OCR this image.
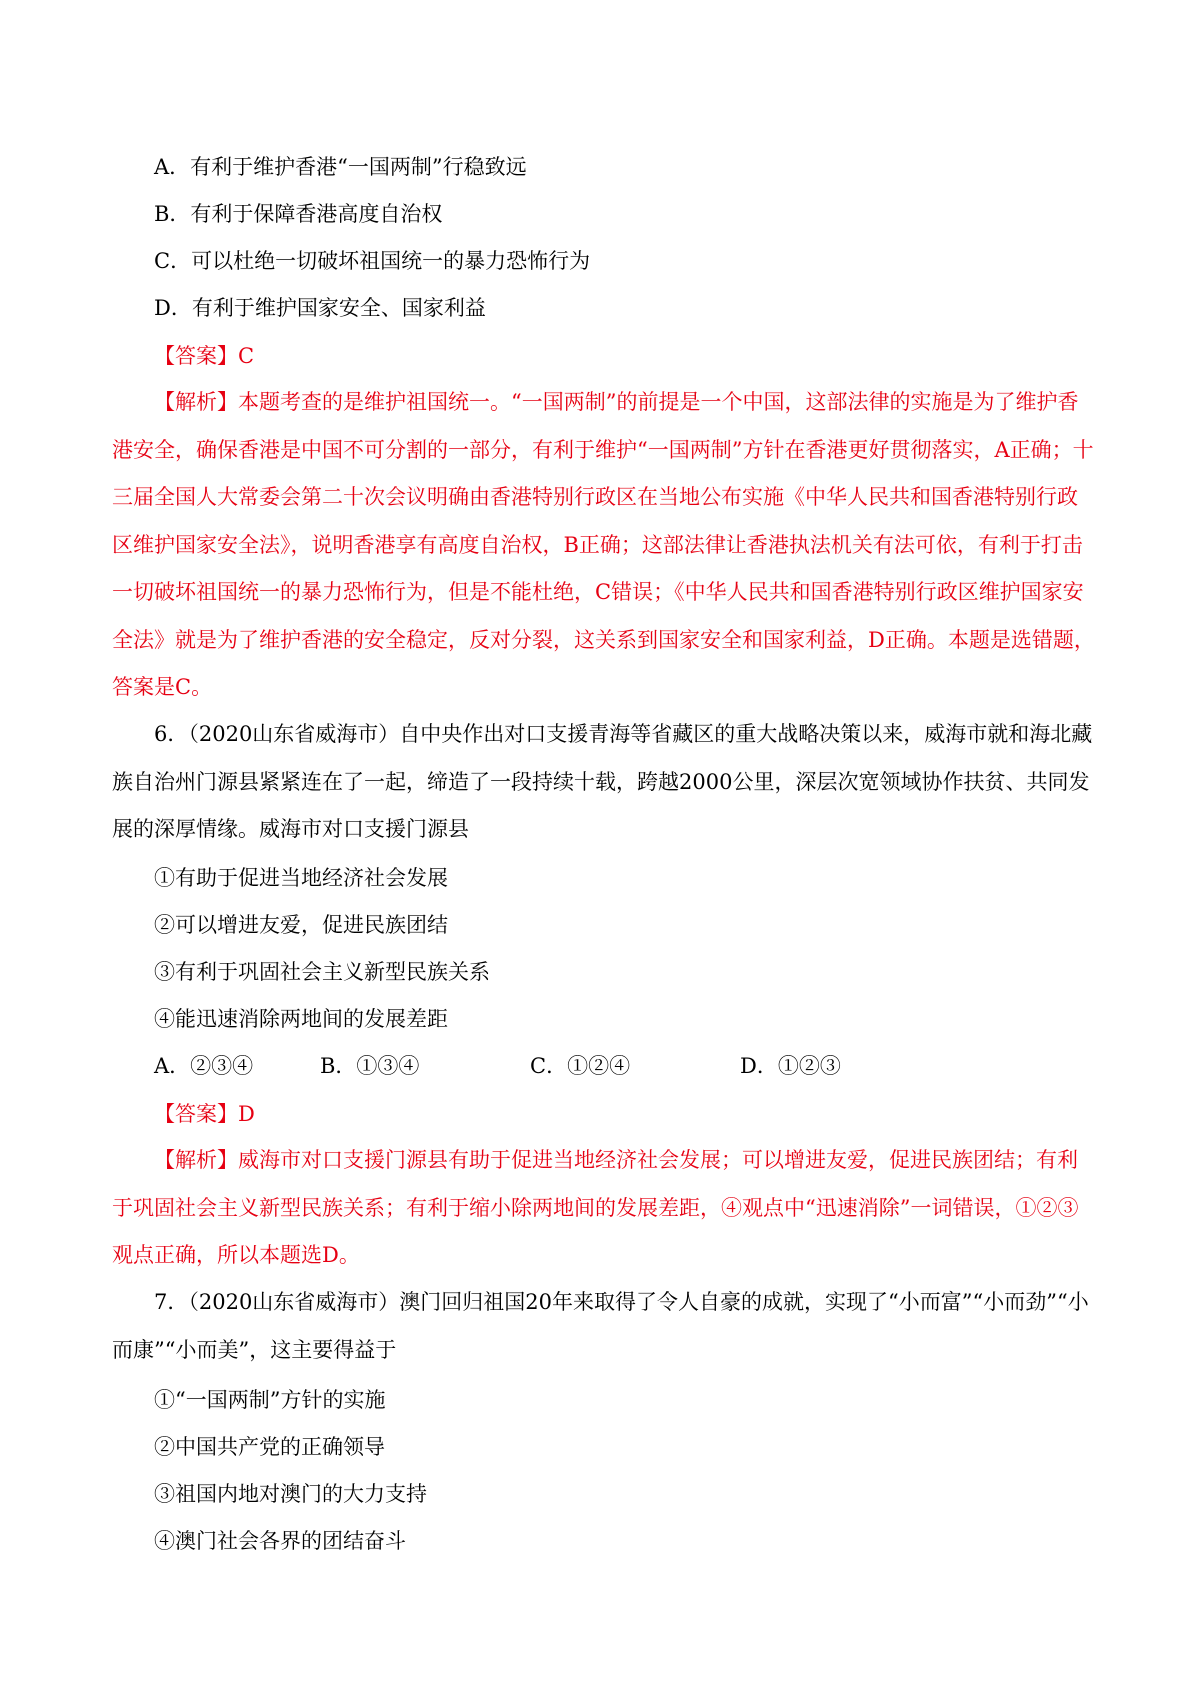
A．有利于维护香港“一国两制”行稳致远
B．有利于保障香港高度自治权
C．可以杜绝一切破坏祖国统一的暴力恐怖行为
D．有利于维护国家安全、国家利益
【答案】C
【解析】本题考查的是维护祖国统一。“一国两制”的前提是一个中国，这部法律的实施是为了维护香港安全，确保香港是中国不可分割的一部分，有利于维护“一国两制”方针在香港更好贯彻落实，A正确；十三届全国人大常委会第二十次会议明确由香港特别行政区在当地公布实施《中华人民共和国香港特别行政区维护国家安全法》，说明香港享有高度自治权，B正确；这部法律让香港执法机关有法可依，有利于打击一切破坏祖国统一的暴力恐怖行为，但是不能杜绝，C错误；《中华人民共和国香港特别行政区维护国家安全法》就是为了维护香港的安全稳定，反对分裂，这关系到国家安全和国家利益，D正确。本题是选错题，答案是C。
6．（2020山东省威海市）自中央作出对口支援青海等省藏区的重大战略决策以来，威海市就和海北藏族自治州门源县紧紧连在了一起，缔造了一段持续十载，跨越2000公里，深层次宽领域协作扶贫、共同发展的深厚情缘。威海市对口支援门源县
①有助于促进当地经济社会发展
②可以增进友爱，促进民族团结
③有利于巩固社会主义新型民族关系
④能迅速消除两地间的发展差距
A．②③④	B．①③④	C．①②④	D．①②③
【答案】D
【解析】威海市对口支援门源县有助于促进当地经济社会发展；可以增进友爱，促进民族团结；有利于巩固社会主义新型民族关系；有利于缩小除两地间的发展差距，④观点中“迅速消除”一词错误，①②③观点正确，所以本题选D。
7．（2020山东省威海市）澳门回归祖国20年来取得了令人自豪的成就，实现了“小而富”“小而劲”“小而康”“小而美”，这主要得益于
①“一国两制”方针的实施
②中国共产党的正确领导
③祖国内地对澳门的大力支持
④澳门社会各界的团结奋斗
